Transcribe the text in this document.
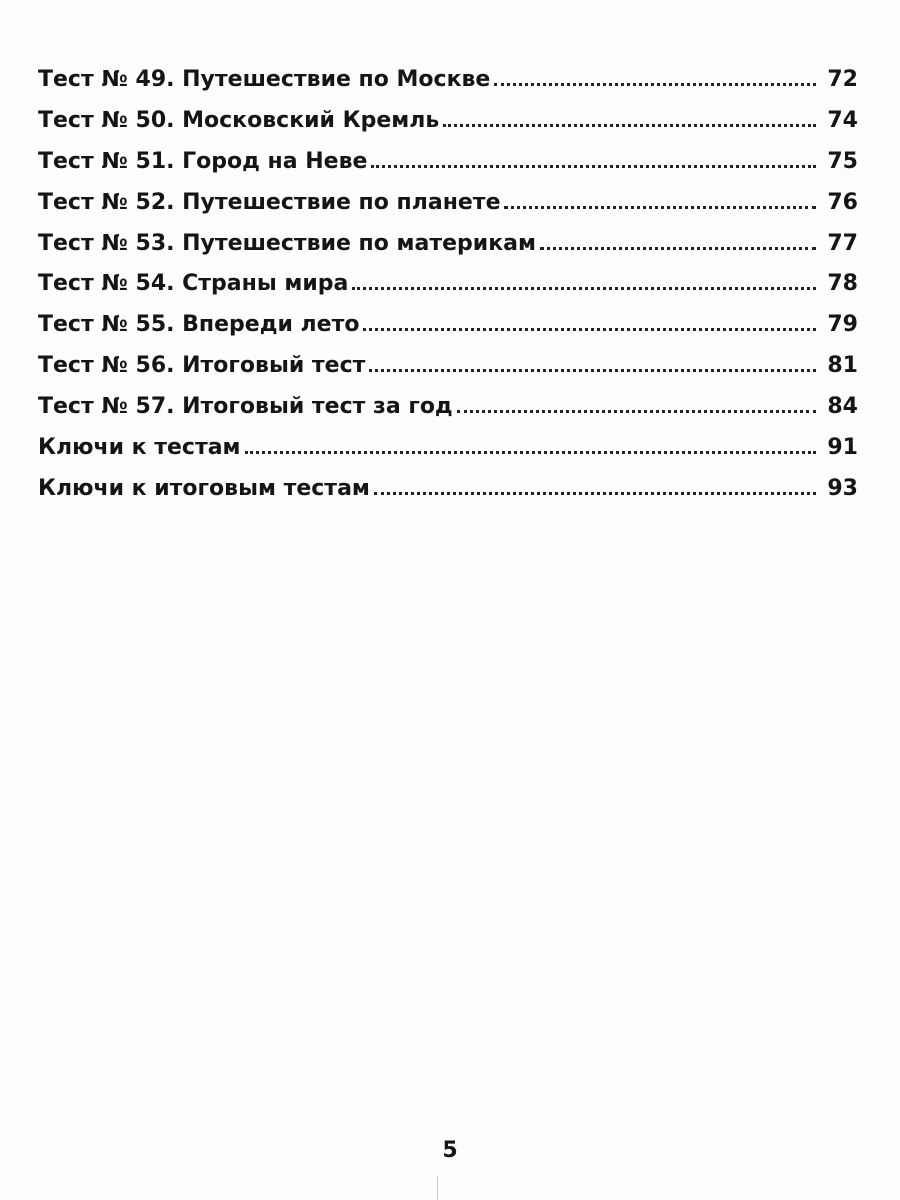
Тест № 49. Путешествие по Москве	72
Тест № 50. Московский Кремль	74
Тест № 51. Город на Неве	75
Тест № 52. Путешествие по планете	76
Тест № 53. Путешествие по материкам	77
Тест № 54. Страны мира	78
Тест № 55. Впереди лето	79
Тест № 56. Итоговый тест	81
Тест № 57. Итоговый тест за год	84
Ключи к тестам	91
Ключи к итоговым тестам	93
5
